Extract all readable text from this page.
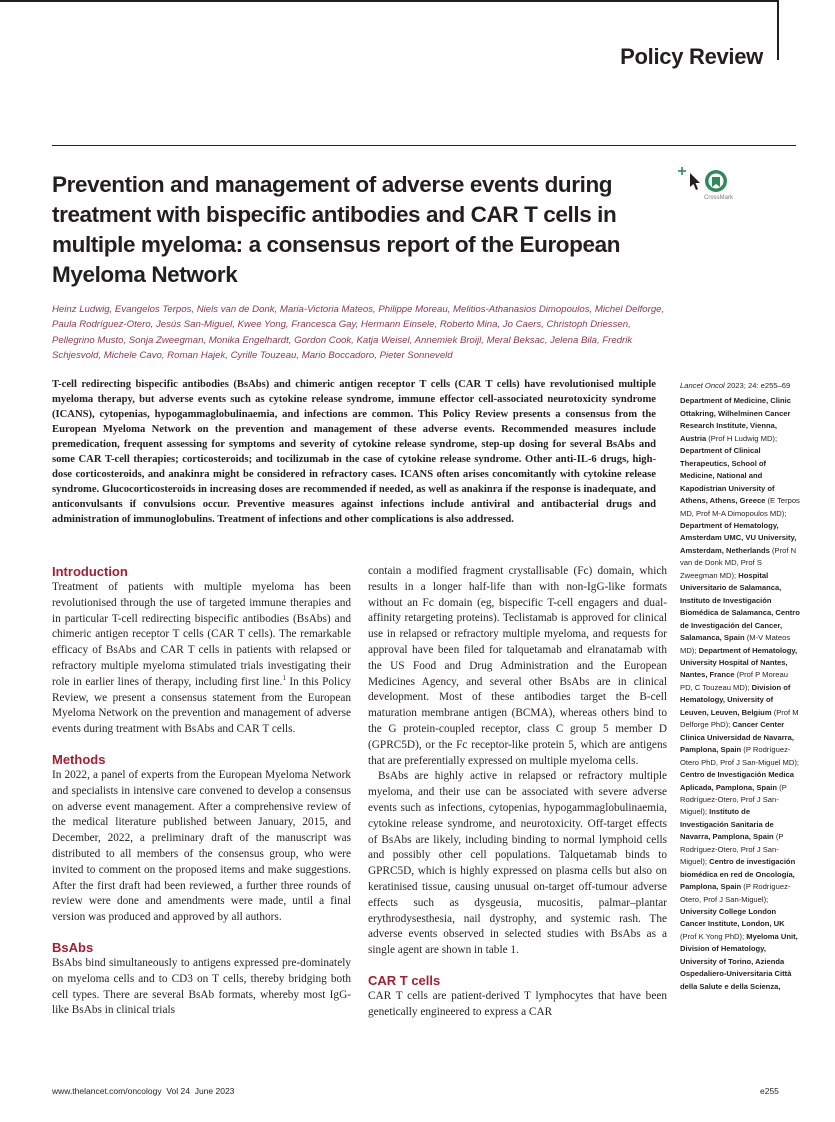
Policy Review
Prevention and management of adverse events during treatment with bispecific antibodies and CAR T cells in multiple myeloma: a consensus report of the European Myeloma Network
CrossMark
Heinz Ludwig, Evangelos Terpos, Niels van de Donk, Maria-Victoria Mateos, Philippe Moreau, Melitios-Athanasios Dimopoulos, Michel Delforge, Paula Rodríguez-Otero, Jesús San-Miguel, Kwee Yong, Francesca Gay, Hermann Einsele, Roberto Mina, Jo Caers, Christoph Driessen, Pellegrino Musto, Sonja Zweegman, Monika Engelhardt, Gordon Cook, Katja Weisel, Annemiek Broijl, Meral Beksac, Jelena Bila, Fredrik Schjesvold, Michele Cavo, Roman Hajek, Cyrille Touzeau, Mario Boccadoro, Pieter Sonneveld
T-cell redirecting bispecific antibodies (BsAbs) and chimeric antigen receptor T cells (CAR T cells) have revolutionised multiple myeloma therapy, but adverse events such as cytokine release syndrome, immune effector cell-associated neurotoxicity syndrome (ICANS), cytopenias, hypogammaglobulinaemia, and infections are common. This Policy Review presents a consensus from the European Myeloma Network on the prevention and management of these adverse events. Recommended measures include premedication, frequent assessing for symptoms and severity of cytokine release syndrome, step-up dosing for several BsAbs and some CAR T-cell therapies; corticosteroids; and tocilizumab in the case of cytokine release syndrome. Other anti-IL-6 drugs, high-dose corticosteroids, and anakinra might be considered in refractory cases. ICANS often arises concomitantly with cytokine release syndrome. Glucocorticosteroids in increasing doses are recommended if needed, as well as anakinra if the response is inadequate, and anticonvulsants if convulsions occur. Preventive measures against infections include antiviral and antibacterial drugs and administration of immunoglobulins. Treatment of infections and other complications is also addressed.
Introduction

Treatment of patients with multiple myeloma has been revolutionised through the use of targeted immune therapies and in particular T-cell redirecting bispecific antibodies (BsAbs) and chimeric antigen receptor T cells (CAR T cells). The remarkable efficacy of BsAbs and CAR T cells in patients with relapsed or refractory multiple myeloma stimulated trials investigating their role in earlier lines of therapy, including first line.$^1$ In this Policy Review, we present a consensus statement from the European Myeloma Network on the prevention and management of adverse events during treatment with BsAbs and CAR T cells.

Methods

In 2022, a panel of experts from the European Myeloma Network and specialists in intensive care convened to develop a consensus on adverse event management. After a comprehensive review of the medical literature published between January, 2015, and December, 2022, a preliminary draft of the manuscript was distributed to all members of the consensus group, who were invited to comment on the proposed items and make suggestions. After the first draft had been reviewed, a further three rounds of review were done and amendments were made, until a final version was produced and approved by all authors.

BsAbs

BsAbs bind simultaneously to antigens expressed pre-dominately on myeloma cells and to CD3 on T cells, thereby bridging both cell types. There are several BsAb formats, whereby most IgG-like BsAbs in clinical trials

contain a modified fragment crystallisable (Fc) domain, which results in a longer half-life than with non-IgG-like formats without an Fc domain (eg, bispecific T-cell engagers and dual-affinity retargeting proteins). Teclistamab is approved for clinical use in relapsed or refractory multiple myeloma, and requests for approval have been filed for talquetamab and elranatamab with the US Food and Drug Administration and the European Medicines Agency, and several other BsAbs are in clinical development. Most of these antibodies target the B-cell maturation membrane antigen (BCMA), whereas others bind to the G protein-coupled receptor, class C group 5 member D (GPRC5D), or the Fc receptor-like protein 5, which are antigens that are preferentially expressed on multiple myeloma cells.

BsAbs are highly active in relapsed or refractory multiple myeloma, and their use can be associated with severe adverse events such as infections, cytopenias, hypogammaglobulinaemia, cytokine release syndrome, and neurotoxicity. Off-target effects of BsAbs are likely, including binding to normal lymphoid cells and possibly other cell populations. Talquetamab binds to GPRC5D, which is highly expressed on plasma cells but also on keratinised tissue, causing unusual on-target off-tumour adverse effects such as dysgeusia, mucositis, palmar–plantar erythrodysesthesia, nail dystrophy, and systemic rash. The adverse events observed in selected studies with BsAbs as a single agent are shown in table 1.

CAR T cells

CAR T cells are patient-derived T lymphocytes that have been genetically engineered to express a CAR

Lancet Oncol 2023; 24: e255–69
Department of Medicine, Clinic Ottakring, Wilhelminen Cancer Research Institute, Vienna, Austria (Prof H Ludwig MD); Department of Clinical Therapeutics, School of Medicine, National and Kapodistrian University of Athens, Athens, Greece (E Terpos MD, Prof M-A Dimopoulos MD); Department of Hematology, Amsterdam UMC, VU University, Amsterdam, Netherlands (Prof N van de Donk MD, Prof S Zweegman MD); Hospital Universitario de Salamanca, Instituto de Investigación Biomédica de Salamanca, Centro de Investigación del Cancer, Salamanca, Spain (M-V Mateos MD); Department of Hematology, University Hospital of Nantes, Nantes, France (Prof P Moreau PD, C Touzeau MD); Division of Hematology, University of Leuven, Leuven, Belgium (Prof M Delforge PhD); Cancer Center Clinica Universidad de Navarra, Pamplona, Spain (P Rodríguez-Otero PhD, Prof J San-Miguel MD); Centro de Investigación Medica Aplicada, Pamplona, Spain (P Rodríguez-Otero, Prof J San-Miguel); Instituto de Investigación Sanitaria de Navarra, Pamplona, Spain (P Rodríguez-Otero, Prof J San-Miguel); Centro de investigación biomédica en red de Oncología, Pamplona, Spain (P Rodríguez-Otero, Prof J San-Miguel); University College London Cancer Institute, London, UK (Prof K Yong PhD); Myeloma Unit, Division of Hematology, University of Torino, Azienda Ospedaliero-Universitaria Città della Salute e della Scienza,
www.thelancet.com/oncology  Vol 24  June 2023	e255
